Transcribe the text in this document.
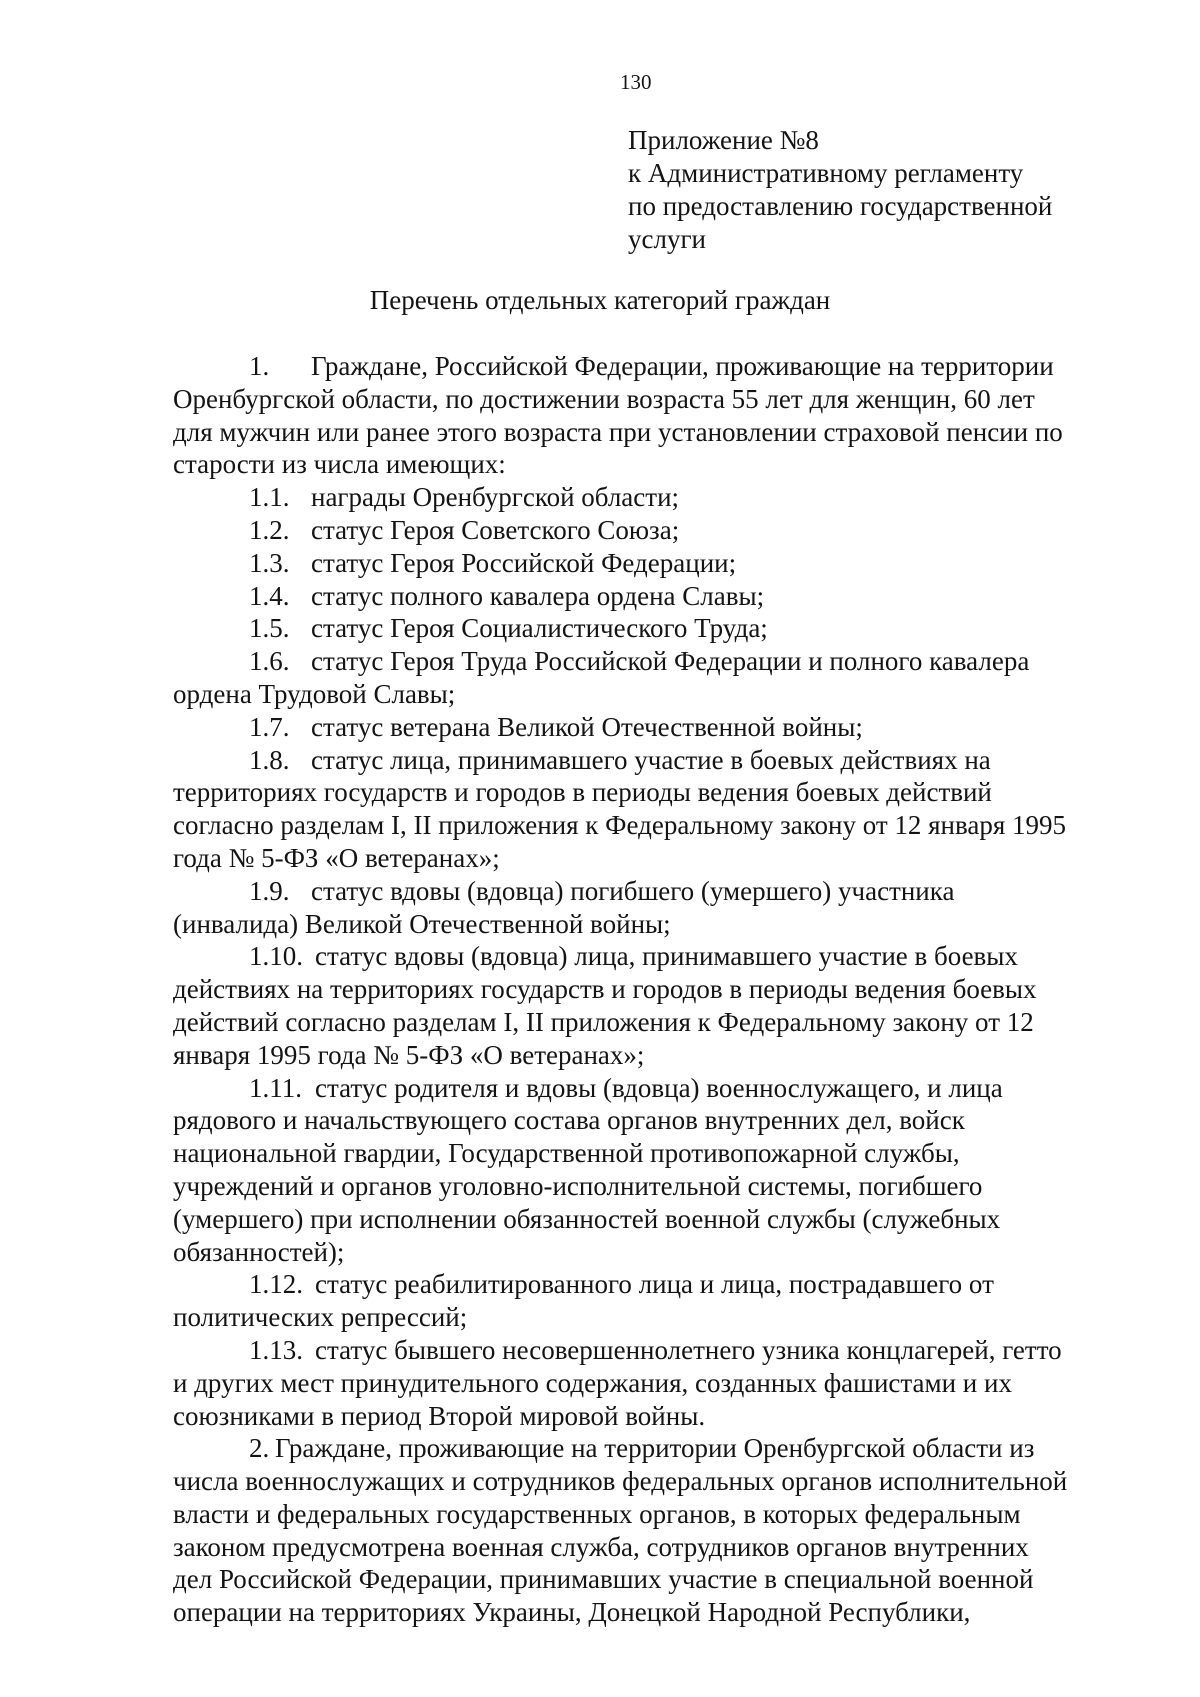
130
Приложение №8
к Административному регламенту
по предоставлению государственной
услуги
Перечень отдельных категорий граждан
1. Граждане, Российской Федерации, проживающие на территории
Оренбургской области, по достижении возраста 55 лет для женщин, 60 лет
для мужчин или ранее этого возраста при установлении страховой пенсии по
старости из числа имеющих:
1.1. награды Оренбургской области;
1.2. статус Героя Советского Союза;
1.3. статус Героя Российской Федерации;
1.4. статус полного кавалера ордена Славы;
1.5. статус Героя Социалистического Труда;
1.6. статус Героя Труда Российской Федерации и полного кавалера
ордена Трудовой Славы;
1.7. статус ветерана Великой Отечественной войны;
1.8. статус лица, принимавшего участие в боевых действиях на
территориях государств и городов в периоды ведения боевых действий
согласно разделам I, II приложения к Федеральному закону от 12 января 1995
года № 5-ФЗ «О ветеранах»;
1.9. статус вдовы (вдовца) погибшего (умершего) участника
(инвалида) Великой Отечественной войны;
1.10. статус вдовы (вдовца) лица, принимавшего участие в боевых
действиях на территориях государств и городов в периоды ведения боевых
действий согласно разделам I, II приложения к Федеральному закону от 12
января 1995 года № 5-ФЗ «О ветеранах»;
1.11. статус родителя и вдовы (вдовца) военнослужащего, и лица
рядового и начальствующего состава органов внутренних дел, войск
национальной гвардии, Государственной противопожарной службы,
учреждений и органов уголовно-исполнительной системы, погибшего
(умершего) при исполнении обязанностей военной службы (служебных
обязанностей);
1.12. статус реабилитированного лица и лица, пострадавшего от
политических репрессий;
1.13. статус бывшего несовершеннолетнего узника концлагерей, гетто
и других мест принудительного содержания, созданных фашистами и их
союзниками в период Второй мировой войны.
2. Граждане, проживающие на территории Оренбургской области из
числа военнослужащих и сотрудников федеральных органов исполнительной
власти и федеральных государственных органов, в которых федеральным
законом предусмотрена военная служба, сотрудников органов внутренних
дел Российской Федерации, принимавших участие в специальной военной
операции на территориях Украины, Донецкой Народной Республики,
